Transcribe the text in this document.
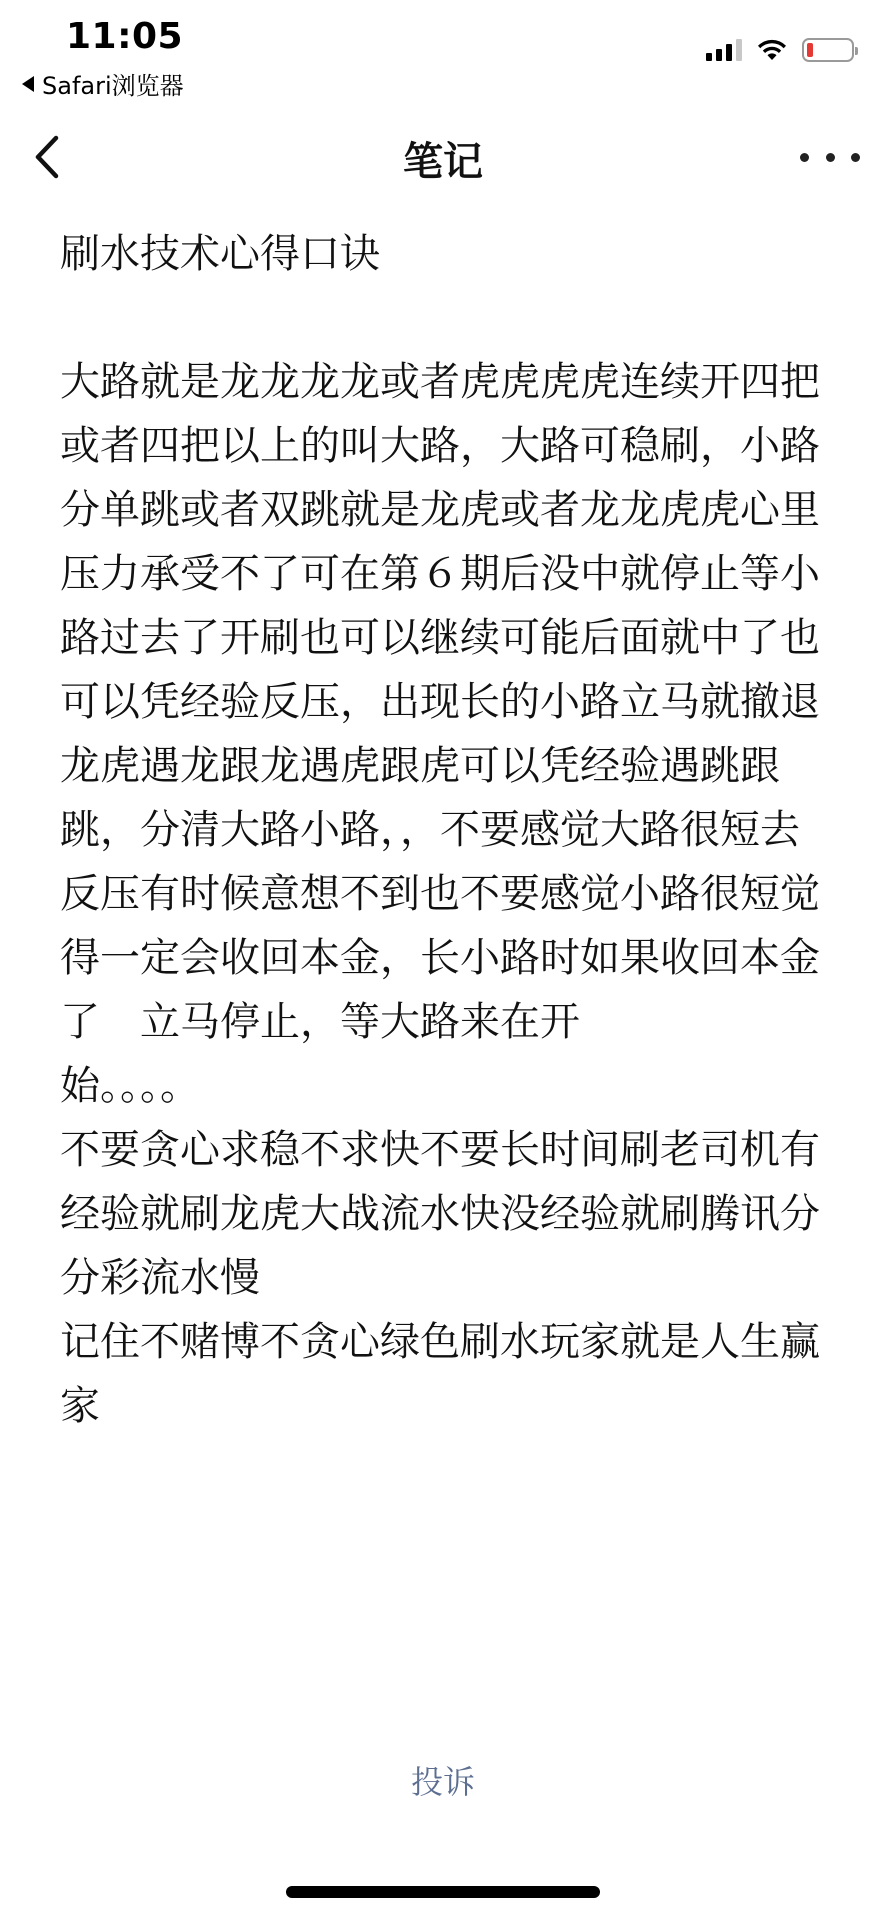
11:05
Safari浏览器
笔记

刷水技术心得口诀

大路就是龙龙龙龙或者虎虎虎虎连续开四把或者四把以上的叫大路，大路可稳刷，小路分单跳或者双跳就是龙虎或者龙龙虎虎心里压力承受不了可在第６期后没中就停止等小路过去了开刷也可以继续可能后面就中了也可以凭经验反压，出现长的小路立马就撤退

龙虎遇龙跟龙遇虎跟虎可以凭经验遇跳跟跳，分清大路小路，，不要感觉大路很短去反压有时候意想不到也不要感觉小路很短觉得一定会收回本金，长小路时如果收回本金了　立马停止，等大路来在开
始。。。。

不要贪心求稳不求快不要长时间刷老司机有经验就刷龙虎大战流水快没经验就刷腾讯分分彩流水慢

记住不赌博不贪心绿色刷水玩家就是人生赢家

投诉
